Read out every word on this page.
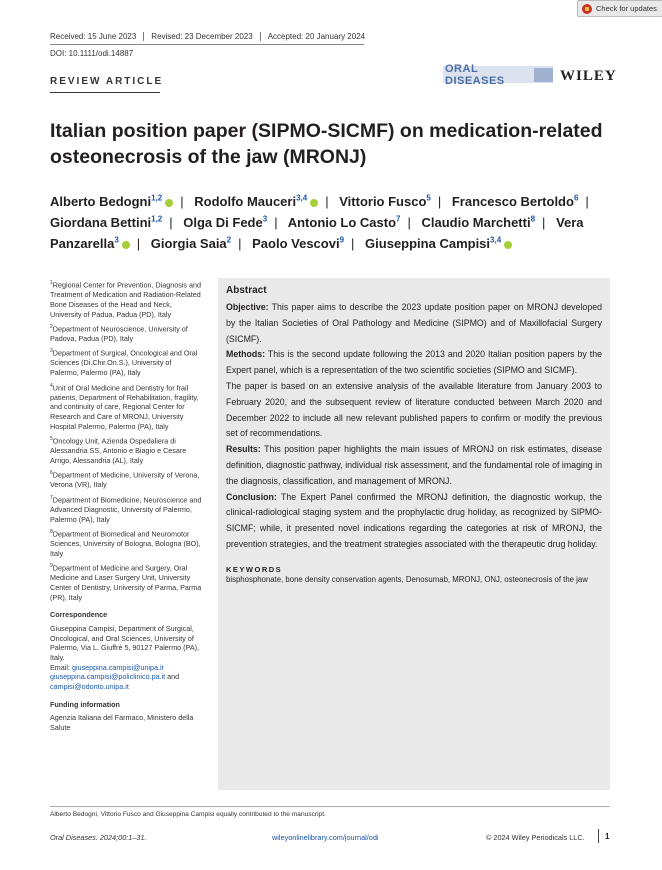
Check for updates
Received: 15 June 2023	Revised: 23 December 2023	Accepted: 20 January 2024
DOI: 10.1111/odi.14887
REVIEW ARTICLE
ORAL DISEASES	WILEY
Italian position paper (SIPMO-SICMF) on medication-related osteonecrosis of the jaw (MRONJ)
Alberto Bedogni$^{1,2}$ | Rodolfo Mauceri$^{3,4}$ | Vittorio Fusco$^5$ | Francesco Bertoldo$^6$ | Giordana Bettini$^{1,2}$ | Olga Di Fede$^3$ | Antonio Lo Casto$^7$ | Claudio Marchetti$^8$ | Vera Panzarella$^3$ | Giorgia Saia$^2$ | Paolo Vescovi$^9$ | Giuseppina Campisi$^{3,4}$

$^1$Regional Center for Prevention, Diagnosis and Treatment of Medication and Radiation-Related Bone Diseases of the Head and Neck, University of Padua, Padua (PD), Italy

$^2$Department of Neuroscience, University of Padova, Padua (PD), Italy

$^3$Department of Surgical, Oncological and Oral Sciences (Di.Chir.On.S.), University of Palermo, Palermo (PA), Italy

$^4$Unit of Oral Medicine and Dentistry for frail patients, Department of Rehabilitation, fragility, and continuity of care, Regional Center for Research and Care of MRONJ, University Hospital Palermo, Palermo (PA), Italy

$^5$Oncology Unit, Azienda Ospedaliera di Alessandria SS, Antonio e Biagio e Cesare Arrigo, Alessandria (AL), Italy

$^6$Department of Medicine, University of Verona, Verona (VR), Italy

$^7$Department of Biomedicine, Neuroscience and Advanced Diagnostic, University of Palermo, Palermo (PA), Italy

$^8$Department of Biomedical and Neuromotor Sciences, University of Bologna, Bologna (BO), Italy

$^9$Department of Medicine and Surgery, Oral Medicine and Laser Surgery Unit, University Center of Dentistry, University of Parma, Parma (PR), Italy

Correspondence

Giuseppina Campisi, Department of Surgical, Oncological, and Oral Sciences, University of Palermo, Via L. Giuffrè 5, 90127 Palermo (PA), Italy.
Email: giuseppina.campisi@unipa.it
giuseppina.campisi@policlinico.pa.it and
campisi@odonto.unipa.it

Funding information

Agenzia Italiana del Farmaco, Ministero della Salute

Abstract

Objective: This paper aims to describe the 2023 update position paper on MRONJ developed by the Italian Societies of Oral Pathology and Medicine (SIPMO) and of Maxillofacial Surgery (SICMF).

Methods: This is the second update following the 2013 and 2020 Italian position papers by the Expert panel, which is a representation of the two scientific societies (SIPMO and SICMF).

The paper is based on an extensive analysis of the available literature from January 2003 to February 2020, and the subsequent review of literature conducted between March 2020 and December 2022 to include all new relevant published papers to confirm or modify the previous set of recommendations.

Results: This position paper highlights the main issues of MRONJ on risk estimates, disease definition, diagnostic pathway, individual risk assessment, and the fundamental role of imaging in the diagnosis, classification, and management of MRONJ.

Conclusion: The Expert Panel confirmed the MRONJ definition, the diagnostic workup, the clinical-radiological staging system and the prophylactic drug holiday, as recognized by SIPMO-SICMF; while, it presented novel indications regarding the categories at risk of MRONJ, the prevention strategies, and the treatment strategies associated with the therapeutic drug holiday.

KEYWORDS
bisphosphonate, bone density conservation agents, Denosumab, MRONJ, ONJ, osteonecrosis of the jaw
Alberto Bedogni, Vittorio Fusco and Giuseppina Campisi equally contributed to the manuscript.
Oral Diseases. 2024;00:1–31.	wileyonlinelibrary.com/journal/odi	© 2024 Wiley Periodicals LLC.	1
